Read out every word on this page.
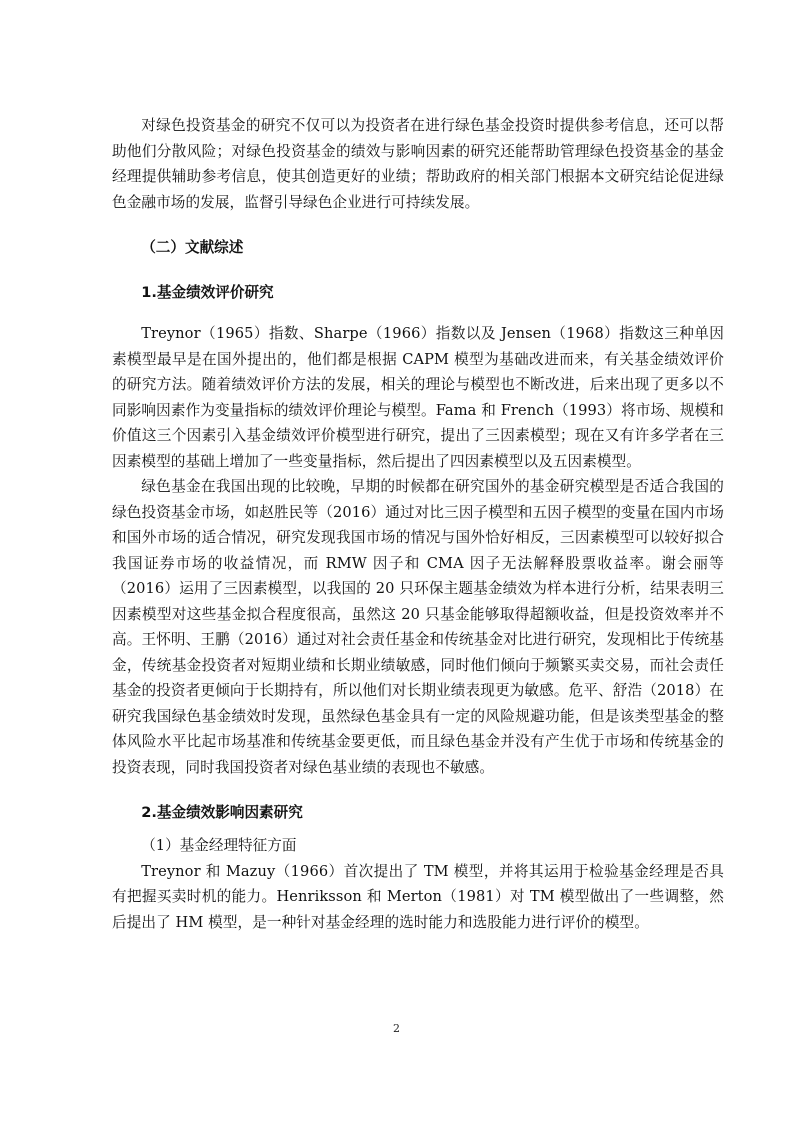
对绿色投资基金的研究不仅可以为投资者在进行绿色基金投资时提供参考信息，还可以帮助他们分散风险；对绿色投资基金的绩效与影响因素的研究还能帮助管理绿色投资基金的基金经理提供辅助参考信息，使其创造更好的业绩；帮助政府的相关部门根据本文研究结论促进绿色金融市场的发展，监督引导绿色企业进行可持续发展。

（二）文献综述

1.基金绩效评价研究

Treynor（1965）指数、Sharpe（1966）指数以及 Jensen（1968）指数这三种单因素模型最早是在国外提出的，他们都是根据 CAPM 模型为基础改进而来，有关基金绩效评价的研究方法。随着绩效评价方法的发展，相关的理论与模型也不断改进，后来出现了更多以不同影响因素作为变量指标的绩效评价理论与模型。Fama 和 French（1993）将市场、规模和价值这三个因素引入基金绩效评价模型进行研究，提出了三因素模型；现在又有许多学者在三因素模型的基础上增加了一些变量指标，然后提出了四因素模型以及五因素模型。

绿色基金在我国出现的比较晚，早期的时候都在研究国外的基金研究模型是否适合我国的绿色投资基金市场，如赵胜民等（2016）通过对比三因子模型和五因子模型的变量在国内市场和国外市场的适合情况，研究发现我国市场的情况与国外恰好相反，三因素模型可以较好拟合我国证券市场的收益情况，而 RMW 因子和 CMA 因子无法解释股票收益率。谢会丽等（2016）运用了三因素模型，以我国的 20 只环保主题基金绩效为样本进行分析，结果表明三因素模型对这些基金拟合程度很高，虽然这 20 只基金能够取得超额收益，但是投资效率并不高。王怀明、王鹏（2016）通过对社会责任基金和传统基金对比进行研究，发现相比于传统基金，传统基金投资者对短期业绩和长期业绩敏感，同时他们倾向于频繁买卖交易，而社会责任基金的投资者更倾向于长期持有，所以他们对长期业绩表现更为敏感。危平、舒浩（2018）在研究我国绿色基金绩效时发现，虽然绿色基金具有一定的风险规避功能，但是该类型基金的整体风险水平比起市场基准和传统基金要更低，而且绿色基金并没有产生优于市场和传统基金的投资表现，同时我国投资者对绿色基业绩的表现也不敏感。

2.基金绩效影响因素研究

（1）基金经理特征方面

Treynor 和 Mazuy（1966）首次提出了 TM 模型，并将其运用于检验基金经理是否具有把握买卖时机的能力。Henriksson 和 Merton（1981）对 TM 模型做出了一些调整，然后提出了 HM 模型，是一种针对基金经理的选时能力和选股能力进行评价的模型。

2
